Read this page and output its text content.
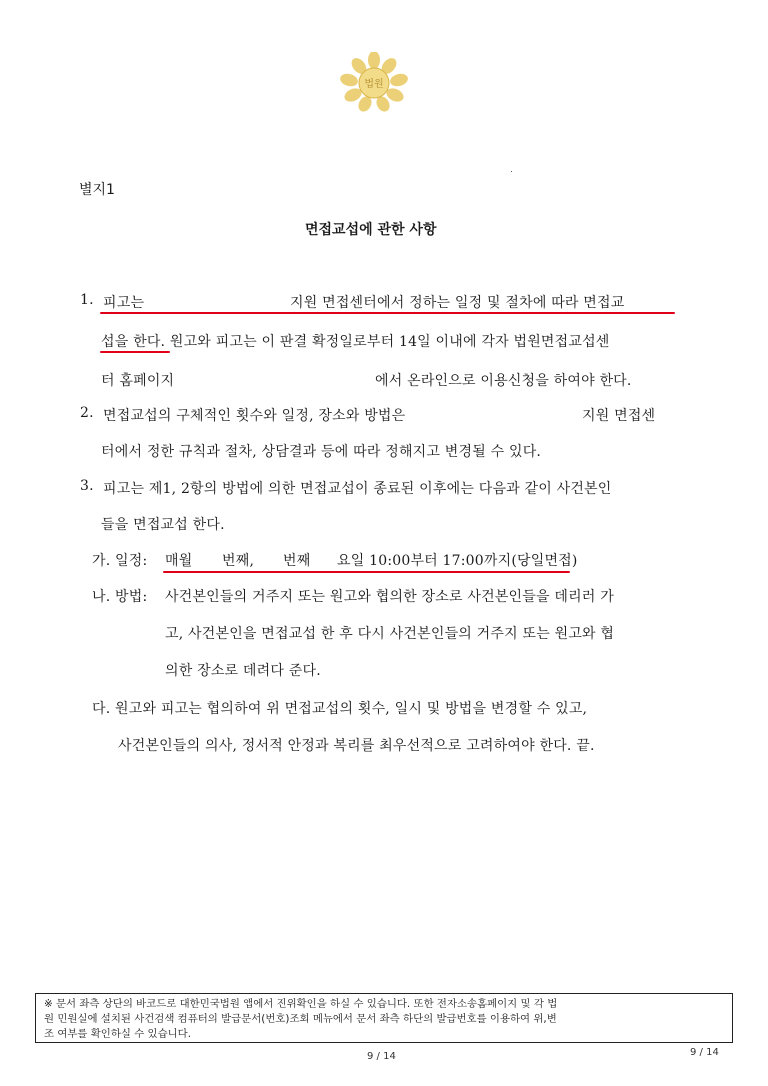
법원
별지1
면접교섭에 관한 사항
1. 피고는	지원 면접센터에서 정하는 일정 및 절차에 따라 면접교
섭을 한다. 원고와 피고는 이 판결 확정일로부터 14일 이내에 각자 법원면접교섭센
터 홈페이지	에서 온라인으로 이용신청을 하여야 한다.
2. 면접교섭의 구체적인 횟수와 일정, 장소와 방법은	지원 면접센
터에서 정한 규칙과 절차, 상담결과 등에 따라 정해지고 변경될 수 있다.
3. 피고는 제1, 2항의 방법에 의한 면접교섭이 종료된 이후에는 다음과 같이 사건본인
들을 면접교섭 한다.
가. 일정: 매월 번째, 번째 요일 10:00부터 17:00까지(당일면접)
나. 방법: 사건본인들의 거주지 또는 원고와 협의한 장소로 사건본인들을 데리러 가
고, 사건본인을 면접교섭 한 후 다시 사건본인들의 거주지 또는 원고와 협
의한 장소로 데려다 준다.
다. 원고와 피고는 협의하여 위 면접교섭의 횟수, 일시 및 방법을 변경할 수 있고,
사건본인들의 의사, 정서적 안정과 복리를 최우선적으로 고려하여야 한다. 끝.
※ 문서 좌측 상단의 바코드로 대한민국법원 앱에서 진위확인을 하실 수 있습니다. 또한 전자소송홈페이지 및 각 법
원 민원실에 설치된 사건검색 컴퓨터의 발급문서(번호)조회 메뉴에서 문서 좌측 하단의 발급번호를 이용하여 위,변
조 여부를 확인하실 수 있습니다.
9 / 14	9 / 14
